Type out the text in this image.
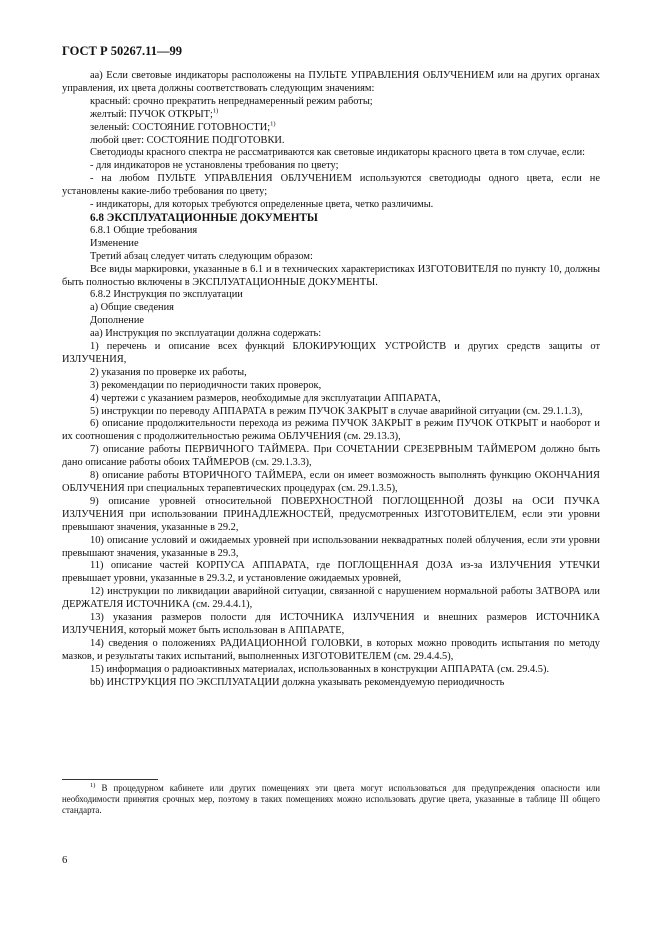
ГОСТ Р 50267.11—99

аа) Если световые индикаторы расположены на ПУЛЬТЕ УПРАВЛЕНИЯ ОБЛУЧЕНИЕМ или на других органах управления, их цвета должны соответствовать следующим значениям:

красный: срочно прекратить непреднамеренный режим работы;

желтый: ПУЧОК ОТКРЫТ;$^{1)}$

зеленый: СОСТОЯНИЕ ГОТОВНОСТИ;$^{1)}$

любой цвет: СОСТОЯНИЕ ПОДГОТОВКИ.

Светодиоды красного спектра не рассматриваются как световые индикаторы красного цвета в том случае, если:

- для индикаторов не установлены требования по цвету;

- на любом ПУЛЬТЕ УПРАВЛЕНИЯ ОБЛУЧЕНИЕМ используются светодиоды одного цвета, если не установлены какие-либо требования по цвету;

- индикаторы, для которых требуются определенные цвета, четко различимы.

6.8 ЭКСПЛУАТАЦИОННЫЕ ДОКУМЕНТЫ

6.8.1 Общие требования

Изменение

Третий абзац следует читать следующим образом:

Все виды маркировки, указанные в 6.1 и в технических характеристиках ИЗГОТОВИТЕЛЯ по пункту 10, должны быть полностью включены в ЭКСПЛУАТАЦИОННЫЕ ДОКУМЕНТЫ.

6.8.2 Инструкция по эксплуатации

а) Общие сведения

Дополнение

аа) Инструкция по эксплуатации должна содержать:

1) перечень и описание всех функций БЛОКИРУЮЩИХ УСТРОЙСТВ и других средств защиты от ИЗЛУЧЕНИЯ,

2) указания по проверке их работы,

3) рекомендации по периодичности таких проверок,

4) чертежи с указанием размеров, необходимые для эксплуатации АППАРАТА,

5) инструкции по переводу АППАРАТА в режим ПУЧОК ЗАКРЫТ в случае аварийной ситуации (см. 29.1.1.3),

6) описание продолжительности перехода из режима ПУЧОК ЗАКРЫТ в режим ПУЧОК ОТКРЫТ и наоборот и их соотношения с продолжительностью режима ОБЛУЧЕНИЯ (см. 29.13.3),

7) описание работы ПЕРВИЧНОГО ТАЙМЕРА. При СОЧЕТАНИИ СРЕЗЕРВНЫМ ТАЙМЕРОМ должно быть дано описание работы обоих ТАЙМЕРОВ (см. 29.1.3.3),

8) описание работы ВТОРИЧНОГО ТАЙМЕРА, если он имеет возможность выполнять функцию ОКОНЧАНИЯ ОБЛУЧЕНИЯ при специальных терапевтических процедурах (см. 29.1.3.5),

9) описание уровней относительной ПОВЕРХНОСТНОЙ ПОГЛОЩЕННОЙ ДОЗЫ на ОСИ ПУЧКА ИЗЛУЧЕНИЯ при использовании ПРИНАДЛЕЖНОСТЕЙ, предусмотренных ИЗГОТОВИТЕЛЕМ, если эти уровни превышают значения, указанные в 29.2,

10) описание условий и ожидаемых уровней при использовании неквадратных полей облучения, если эти уровни превышают значения, указанные в 29.3,

11) описание частей КОРПУСА АППАРАТА, где ПОГЛОЩЕННАЯ ДОЗА из-за ИЗЛУЧЕНИЯ УТЕЧКИ превышает уровни, указанные в 29.3.2, и установление ожидаемых уровней,

12) инструкции по ликвидации аварийной ситуации, связанной с нарушением нормальной работы ЗАТВОРА или ДЕРЖАТЕЛЯ ИСТОЧНИКА (см. 29.4.4.1),

13) указания размеров полости для ИСТОЧНИКА ИЗЛУЧЕНИЯ и внешних размеров ИСТОЧНИКА ИЗЛУЧЕНИЯ, который может быть использован в АППАРАТЕ,

14) сведения о положениях РАДИАЦИОННОЙ ГОЛОВКИ, в которых можно проводить испытания по методу мазков, и результаты таких испытаний, выполненных ИЗГОТОВИТЕЛЕМ (см. 29.4.4.5),

15) информация о радиоактивных материалах, использованных в конструкции АППАРАТА (см. 29.4.5).

bb) ИНСТРУКЦИЯ ПО ЭКСПЛУАТАЦИИ должна указывать рекомендуемую периодичность

$^{1)}$ В процедурном кабинете или других помещениях эти цвета могут использоваться для предупреждения опасности или необходимости принятия срочных мер, поэтому в таких помещениях можно использовать другие цвета, указанные в таблице III общего стандарта.

6
